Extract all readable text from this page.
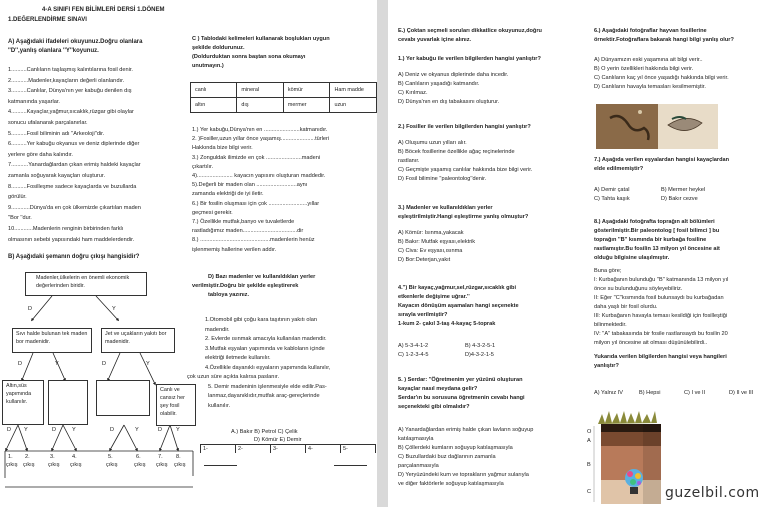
4-A SINIFI FEN BİLİMLERİ DERSİ 1.DÖNEM
1.DEĞERLENDİRME SINAVI
A) Aşağıdaki ifadeleri okuyunuz.Doğru olanlara
''D'',yanlış olanlara ''Y''koyunuz.
1..........Canlıların taşlaşmış kalıntılarına fosil denir.
2...........Madenler,kayaçların değerli olanlarıdır.
3..........Canlılar, Dünya'nın yer kabuğu denilen dış
katmanında yaşarlar.
4..........Kayaçlar,yağmur,sıcaklık,rüzgar gibi olaylar
sonucu ufalanarak parçalanırlar.
5..........Fosil biliminin adı ''Arkeoloji''dir.
6..........Yer kabuğu okyanus ve deniz diplerinde diğer
yerlere göre daha kalındır.
7...........Yanardağlardan çıkan erimiş haldeki kayaçlar
zamanla soğuyarak kayaçları oluşturur.
8..........Fosilleşme sadece kayaçlarda ve buzullarda
görülür.
9............Dünya'da en çok ülkemizde çıkartılan maden
''Bor ''dur.
10............Madenlerin renginin birbirinden farklı
olmasının sebebi yapısındaki ham maddelerdendir.
B) Aşağıdaki şemanın doğru çıkışı hangisidir?
Madenler,ülkelerin en önemli ekonomik değerlerinden biridir.
Sıvı halde bulunan tek maden bor madenidir.
Jet ve uçakların yakıtı bor madenidir.
Altın,süs yapımında kullanılır.
Canlı ve cansız her şey fosil olabilir.
D	Y
D	Y	D	Y
D Y	D	Y	D	Y	D Y
1.
çıkış
2.
çıkış
3.
çıkış
4.
çıkış
5.
çıkış
6.
çıkış
7.
çıkış
8.
çıkış
C ) Tablodaki kelimeleri kullanarak boşlukları uygun
şekilde doldurunuz.
(Doldurduktan sonra baştan sona okumayı
unutmayın.)
canlı	mineral	kömür	Ham madde
altın	dış	mermer	uzun
1.) Yer kabuğu,Dünya'nın en .......................katmanıdır.
2. )Fosiller,uzun yıllar önce yaşamış......................türleri
Hakkında bize bilgi verir.
3.) Zonguldak ilimizde en çok .......................madeni
çıkartılır.
4)....................... kayacın yapısını oluşturan maddedir.
5).Değerli bir maden olan ..........................aynı
zamanda elektriği de iyi iletir.
6.) Bir fosilin oluşması için çok .........................yıllar
geçmesi gerekir.
7.) Özellikle mutfak,banyo ve tuvaletlerde
rastladığımız maden...................................dir
8.) .............................................madenlerin henüz
işlenmemiş hallerine verilen addır.
D) Bazı madenler ve kullanıldıkları yerler
verilmiştir.Doğru bir şekilde eşleştirerek
tabloya yazınız.
1.Otomobil gibi çoğu kara taşıtının yakıtı olan
madendir.
2. Evlerde ısınmak amacıyla kullanılan madendir.
3.Mutfak eşyaları yapımında ve kabloların içinde
elektriği iletmede kullanılır.
4.Özellikle dayanıklı eşyaların yapımında kullanılır,
çok uzun süre açıkta kalırsa paslanır.
5. Demir madeninin işlenmesiyle elde edilir.Pas-
lanmaz,dayanıklıdır,mutfak araç-gereçlerinde
kullanılır.
A.) Bakır B) Petrol C) Çelik
D) Kömür E) Demir
1-	2-	3-	4-	5-
E.) Çoktan seçmeli soruları dikkatlice okuyunuz,doğru
cevabı yuvarlak içine alınız.
1.) Yer kabuğu ile verilen bilgilerden hangisi yanlıştır?
A) Deniz ve okyanus diplerinde daha incedir.
B) Canlıların yaşadığı katmandır.
C) Kırılmaz.
D) Dünya'nın en dış tabakasını oluşturur.
2.) Fosiller ile verilen bilgilerden hangisi yanlıştır?
A) Oluşumu uzun yılları alır.
B) Böcek fosillerine özellikle ağaç reçinelerinde
rastlanır.
C) Geçmişte yaşamış canlılar hakkında bize bilgi verir.
D) Fosil bilimine ''paleontolog''denir.
3.) Madenler ve kullanıldıkları yerler
eşleştirilmiştir.Hangi eşleştirme yanlış olmuştur?
A) Kömür: Isınma,yakacak
B) Bakır: Mutfak eşyası,elektrik
C) Civa: Ev eşyası,ısınma
D) Bor:Deterjan,yakıt
4.'') Bir kayaç,yağmur,sel,rüzgar,sıcaklık gibi
etkenlerle değişime uğrar.''
Kayacın dönüşüm aşamaları hangi seçenekte
sırayla verilmiştir?
1-kum 2- çakıl 3-taş 4-kayaç 5-toprak
A) 5-3-4-1-2	B) 4-3-2-5-1
C) 1-2-3-4-5	D)4-3-2-1-5
5. ) Serdar: ''Öğretmenim yer yüzünü oluşturan
kayaçlar nasıl meydana gelir?
Serdar'ın bu sorusuna öğretmenin cevabı hangi
seçenekteki gibi olmalıdır?
A) Yanardağlardan erimiş halde çıkan lavların soğuyup
katılaşmasıyla
B) Çöllerdeki kumların soğuyup katılaşmasıyla
C) Buzullardaki buz dağlarının zamanla
parçalanmasıyla
D) Yeryüzündeki kum ve toprakların yağmur sularıyla
ve diğer faktörlerle soğuyup katılaşmasıyla
6.) Aşağıdaki fotoğraflar hayvan fosillerine
örnektir.Fotoğraflara bakarak hangi bilgi yanlış olur?
A) Dünyamızın eski yaşamına ait bilgi verir..
B) O yerin özellikleri hakkında bilgi verir.
C) Canlıların kaç yıl önce yaşadığı hakkında bilgi verir.
D) Canlıların havayla temasları kesilmemiştir.
7.) Aşağıda verilen eşyalardan hangisi kayaçlardan
elde edilmemiştir?
A) Demir çatal	B) Mermer heykel
C) Tahta kaşık	D) Bakır cezve
8.) Aşağıdaki fotoğrafta toprağın alt bölümleri
gösterilmiştir.Bir paleontolog [ fosil bilimci ] bu
toprağın ''B'' kısmında bir kurbağa fosiline
rastlamıştır.Bu fosilin 13 milyon yıl öncesine ait
olduğu bilgisine ulaşılmıştır.
Buna göre;
I: Kurbağanın bulunduğu ''B'' katmanında 13 milyon yıl
önce su bulunduğunu söyleyebiliriz.
II: Eğer ''C''kısmında fosil bulunsaydı bu kurbağadan
daha yaşlı bir fosil olurdu.
III: Kurbağanın havayla teması kesildiği için fosilleştiği
bilinmektedir.
IV: ''A'' tabakasında bir fosile rastlansaydı bu fosilin 20
milyon yıl öncesine ait olması düşünülebilirdi..
Yukarıda verilen bilgilerden hangisi veya hangileri
yanlıştır?
A) Yalnız IV	B) Hepsi	C) I ve II	D) II ve III
O
A
B
C	guzelbil.com
